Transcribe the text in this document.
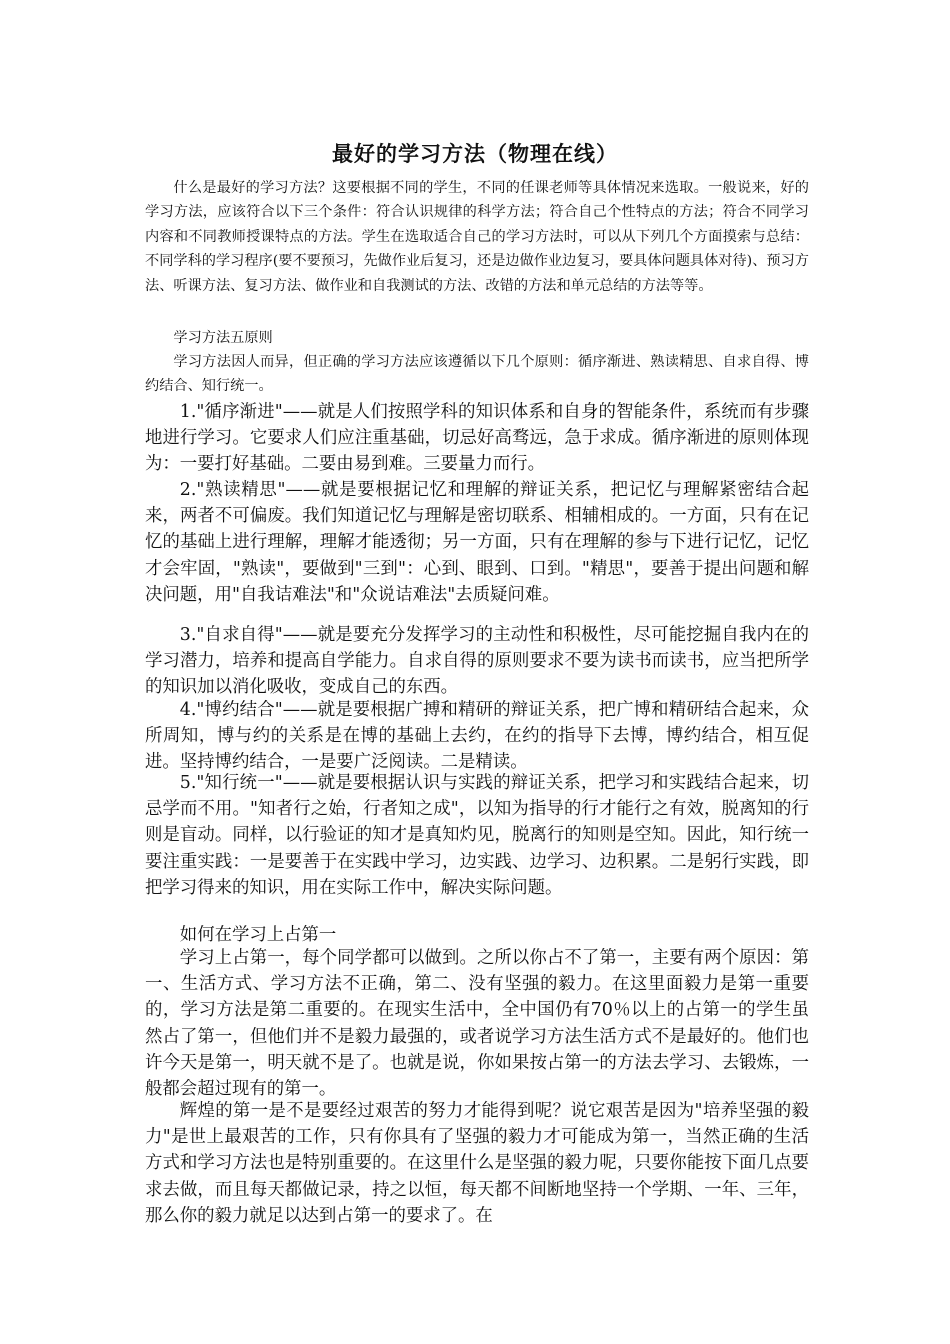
最好的学习方法（物理在线）

什么是最好的学习方法？这要根据不同的学生，不同的任课老师等具体情况来选取。一般说来，好的学习方法，应该符合以下三个条件：符合认识规律的科学方法；符合自己个性特点的方法；符合不同学习内容和不同教师授课特点的方法。学生在选取适合自己的学习方法时，可以从下列几个方面摸索与总结：不同学科的学习程序(要不要预习，先做作业后复习，还是边做作业边复习，要具体问题具体对待)、预习方法、听课方法、复习方法、做作业和自我测试的方法、改错的方法和单元总结的方法等等。

学习方法五原则

学习方法因人而异，但正确的学习方法应该遵循以下几个原则：循序渐进、熟读精思、自求自得、博约结合、知行统一。

1."循序渐进"——就是人们按照学科的知识体系和自身的智能条件，系统而有步骤地进行学习。它要求人们应注重基础，切忌好高骛远，急于求成。循序渐进的原则体现为：一要打好基础。二要由易到难。三要量力而行。

2."熟读精思"——就是要根据记忆和理解的辩证关系，把记忆与理解紧密结合起来，两者不可偏废。我们知道记忆与理解是密切联系、相辅相成的。一方面，只有在记忆的基础上进行理解，理解才能透彻；另一方面，只有在理解的参与下进行记忆，记忆才会牢固，"熟读"，要做到"三到"：心到、眼到、口到。"精思"，要善于提出问题和解决问题，用"自我诘难法"和"众说诘难法"去质疑问难。

3."自求自得"——就是要充分发挥学习的主动性和积极性，尽可能挖掘自我内在的学习潜力，培养和提高自学能力。自求自得的原则要求不要为读书而读书，应当把所学的知识加以消化吸收，变成自己的东西。

4."博约结合"——就是要根据广搏和精研的辩证关系，把广博和精研结合起来，众所周知，博与约的关系是在博的基础上去约，在约的指导下去博，博约结合，相互促进。坚持博约结合，一是要广泛阅读。二是精读。

5."知行统一"——就是要根据认识与实践的辩证关系，把学习和实践结合起来，切忌学而不用。"知者行之始，行者知之成"，以知为指导的行才能行之有效，脱离知的行则是盲动。同样，以行验证的知才是真知灼见，脱离行的知则是空知。因此，知行统一要注重实践：一是要善于在实践中学习，边实践、边学习、边积累。二是躬行实践，即把学习得来的知识，用在实际工作中，解决实际问题。

如何在学习上占第一

学习上占第一，每个同学都可以做到。之所以你占不了第一，主要有两个原因：第一、生活方式、学习方法不正确，第二、没有坚强的毅力。在这里面毅力是第一重要的，学习方法是第二重要的。在现实生活中，全中国仍有70％以上的占第一的学生虽然占了第一，但他们并不是毅力最强的，或者说学习方法生活方式不是最好的。他们也许今天是第一，明天就不是了。也就是说，你如果按占第一的方法去学习、去锻炼，一般都会超过现有的第一。

辉煌的第一是不是要经过艰苦的努力才能得到呢？说它艰苦是因为"培养坚强的毅力"是世上最艰苦的工作，只有你具有了坚强的毅力才可能成为第一，当然正确的生活方式和学习方法也是特别重要的。在这里什么是坚强的毅力呢，只要你能按下面几点要求去做，而且每天都做记录，持之以恒，每天都不间断地坚持一个学期、一年、三年，那么你的毅力就足以达到占第一的要求了。在
